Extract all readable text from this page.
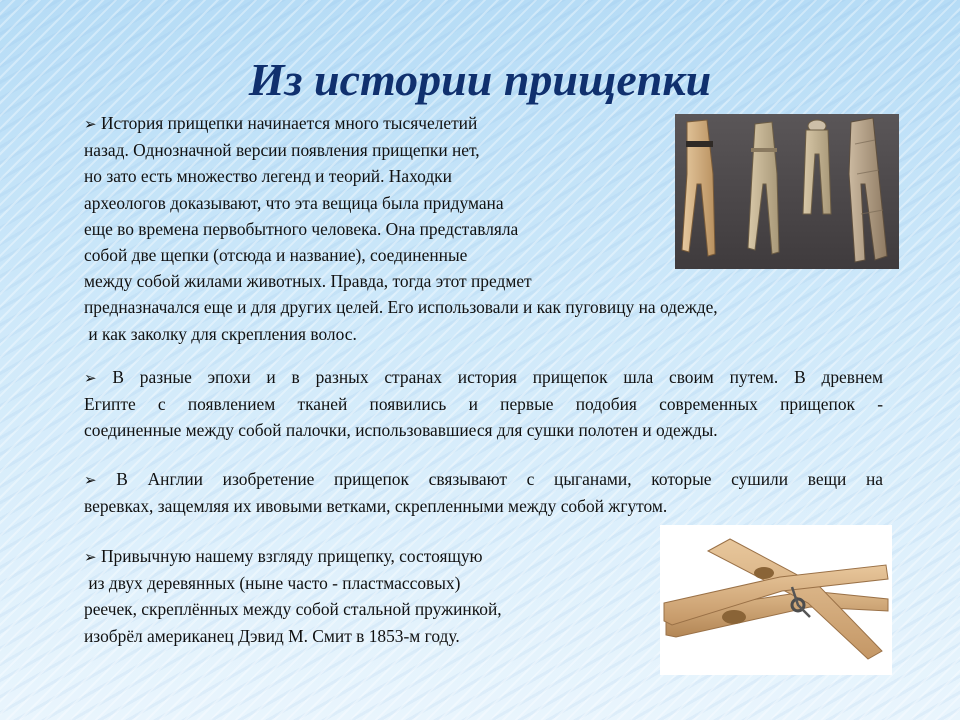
Из истории прищепки
➢ История прищепки начинается много тысячелетий
назад. Однозначной версии появления прищепки нет,
но зато есть множество легенд и теорий. Находки
археологов доказывают, что эта вещица была придумана
еще во времена первобытного человека. Она представляла
собой две щепки (отсюда и название), соединенные
между собой жилами животных. Правда, тогда этот предмет
предназначался еще и для других целей. Его использовали и как пуговицу на одежде,
и как заколку для скрепления волос.
➢ В разные эпохи и в разных странах история прищепок шла своим путем. В древнем
Египте с появлением тканей появились и первые подобия современных прищепок -
соединенные между собой палочки, использовавшиеся для сушки полотен и одежды.
➢ В Англии изобретение прищепок связывают с цыганами, которые сушили вещи на
веревках, защемляя их ивовыми ветками, скрепленными между собой жгутом.
➢ Привычную нашему взгляду прищепку, состоящую
из двух деревянных (ныне часто - пластмассовых)
реечек, скреплённых между собой стальной пружинкой,
изобрёл американец Дэвид М. Смит в 1853-м году.
